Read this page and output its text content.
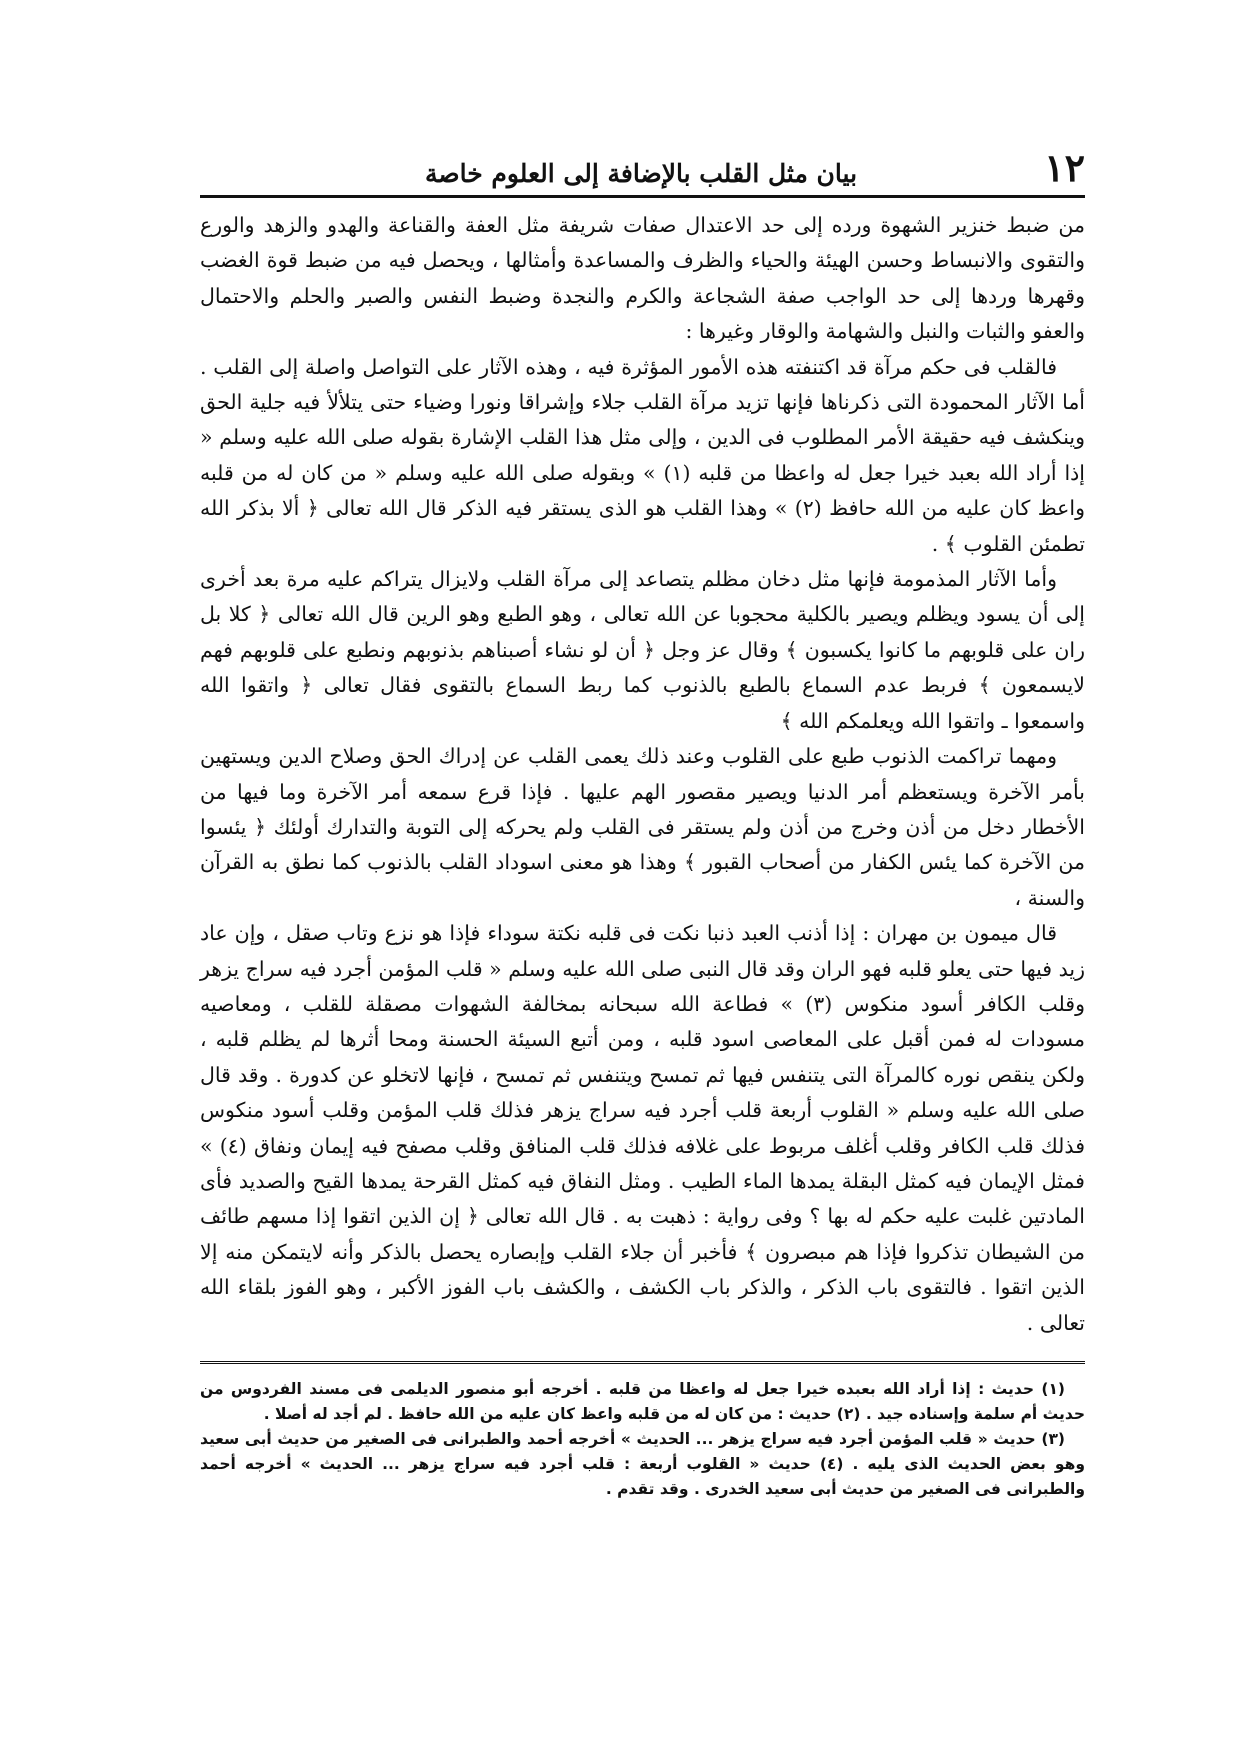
١٢
بيان مثل القلب بالإضافة إلى العلوم خاصة

من ضبط خنزير الشهوة ورده إلى حد الاعتدال صفات شريفة مثل العفة والقناعة والهدو والزهد والورع والتقوى والانبساط وحسن الهيئة والحياء والظرف والمساعدة وأمثالها ، ويحصل فيه من ضبط قوة الغضب وقهرها وردها إلى حد الواجب صفة الشجاعة والكرم والنجدة وضبط النفس والصبر والحلم والاحتمال والعفو والثبات والنبل والشهامة والوقار وغيرها :

فالقلب فى حكم مرآة قد اكتنفته هذه الأمور المؤثرة فيه ، وهذه الآثار على التواصل واصلة إلى القلب . أما الآثار المحمودة التى ذكرناها فإنها تزيد مرآة القلب جلاء وإشراقا ونورا وضياء حتى يتلألأ فيه جلية الحق وينكشف فيه حقيقة الأمر المطلوب فى الدين ، وإلى مثل هذا القلب الإشارة بقوله صلى الله عليه وسلم « إذا أراد الله بعبد خيرا جعل له واعظا من قلبه (١) » وبقوله صلى الله عليه وسلم « من كان له من قلبه واعظ كان عليه من الله حافظ (٢) » وهذا القلب هو الذى يستقر فيه الذكر قال الله تعالى ﴿ ألا بذكر الله تطمئن القلوب ﴾ .

وأما الآثار المذمومة فإنها مثل دخان مظلم يتصاعد إلى مرآة القلب ولايزال يتراكم عليه مرة بعد أخرى إلى أن يسود ويظلم ويصير بالكلية محجوبا عن الله تعالى ، وهو الطبع وهو الرين قال الله تعالى ﴿ كلا بل ران على قلوبهم ما كانوا يكسبون ﴾ وقال عز وجل ﴿ أن لو نشاء أصبناهم بذنوبهم ونطبع على قلوبهم فهم لايسمعون ﴾ فربط عدم السماع بالطبع بالذنوب كما ربط السماع بالتقوى فقال تعالى ﴿ واتقوا الله واسمعوا ـ واتقوا الله ويعلمكم الله ﴾

ومهما تراكمت الذنوب طبع على القلوب وعند ذلك يعمى القلب عن إدراك الحق وصلاح الدين ويستهين بأمر الآخرة ويستعظم أمر الدنيا ويصير مقصور الهم عليها . فإذا قرع سمعه أمر الآخرة وما فيها من الأخطار دخل من أذن وخرج من أذن ولم يستقر فى القلب ولم يحركه إلى التوبة والتدارك أولئك ﴿ يئسوا من الآخرة كما يئس الكفار من أصحاب القبور ﴾ وهذا هو معنى اسوداد القلب بالذنوب كما نطق به القرآن والسنة ،

قال ميمون بن مهران : إذا أذنب العبد ذنبا نكت فى قلبه نكتة سوداء فإذا هو نزع وتاب صقل ، وإن عاد زيد فيها حتى يعلو قلبه فهو الران وقد قال النبى صلى الله عليه وسلم « قلب المؤمن أجرد فيه سراج يزهر وقلب الكافر أسود منكوس (٣) » فطاعة الله سبحانه بمخالفة الشهوات مصقلة للقلب ، ومعاصيه مسودات له فمن أقبل على المعاصى اسود قلبه ، ومن أتبع السيئة الحسنة ومحا أثرها لم يظلم قلبه ، ولكن ينقص نوره كالمرآة التى يتنفس فيها ثم تمسح ويتنفس ثم تمسح ، فإنها لاتخلو عن كدورة . وقد قال صلى الله عليه وسلم « القلوب أربعة قلب أجرد فيه سراج يزهر فذلك قلب المؤمن وقلب أسود منكوس فذلك قلب الكافر وقلب أغلف مربوط على غلافه فذلك قلب المنافق وقلب مصفح فيه إيمان ونفاق (٤) » فمثل الإيمان فيه كمثل البقلة يمدها الماء الطيب . ومثل النفاق فيه كمثل القرحة يمدها القيح والصديد فأى المادتين غلبت عليه حكم له بها ؟ وفى رواية : ذهبت به . قال الله تعالى ﴿ إن الذين اتقوا إذا مسهم طائف من الشيطان تذكروا فإذا هم مبصرون ﴾ فأخبر أن جلاء القلب وإبصاره يحصل بالذكر وأنه لايتمكن منه إلا الذين اتقوا . فالتقوى باب الذكر ، والذكر باب الكشف ، والكشف باب الفوز الأكبر ، وهو الفوز بلقاء الله تعالى .

(١) حديث : إذا أراد الله بعبده خيرا جعل له واعظا من قلبه . أخرجه أبو منصور الديلمى فى مسند الفردوس من حديث أم سلمة وإسناده جيد . (٢) حديث : من كان له من قلبه واعظ كان عليه من الله حافظ . لم أجد له أصلا .

(٣) حديث « قلب المؤمن أجرد فيه سراج يزهر ... الحديث » أخرجه أحمد والطبرانى فى الصغير من حديث أبى سعيد وهو بعض الحديث الذى يليه . (٤) حديث « القلوب أربعة : قلب أجرد فيه سراج يزهر ... الحديث » أخرجه أحمد والطبرانى فى الصغير من حديث أبى سعيد الخدرى . وقد تقدم .
